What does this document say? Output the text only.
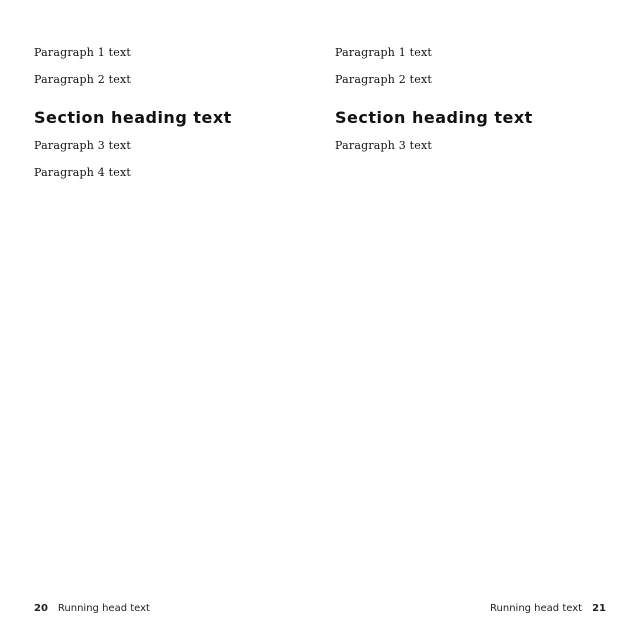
Paragraph 1 text

Paragraph 2 text

Section heading text

Paragraph 3 text

Paragraph 4 text

20 Running head text

Paragraph 1 text

Paragraph 2 text

Section heading text

Paragraph 3 text

Running head text 21
